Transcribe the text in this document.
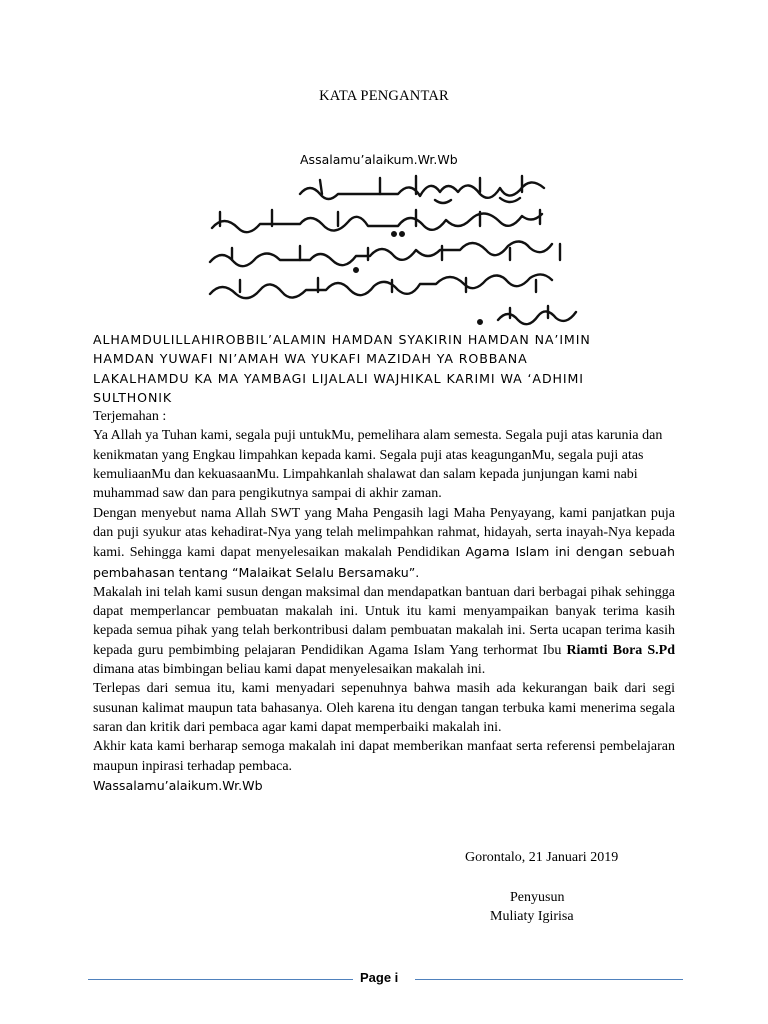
KATA PENGANTAR
Assalamu’alaikum.Wr.Wb

ALHAMDULILLAHIROBBIL’ALAMIN HAMDAN SYAKIRIN HAMDAN NA’IMIN

HAMDAN YUWAFI NI’AMAH WA YUKAFI MAZIDAH YA ROBBANA

LAKALHAMDU KA MA YAMBAGI LIJALALI WAJHIKAL KARIMI WA ‘ADHIMI

SULTHONIK

Terjemahan :

Ya Allah ya Tuhan kami, segala puji untukMu, pemelihara alam semesta. Segala puji atas karunia dan kenikmatan yang Engkau limpahkan kepada kami. Segala puji atas keagunganMu, segala puji atas kemuliaanMu dan kekuasaanMu. Limpahkanlah shalawat dan salam kepada junjungan kami nabi muhammad saw dan para pengikutnya sampai di akhir zaman.

Dengan menyebut nama Allah SWT yang Maha Pengasih lagi Maha Penyayang, kami panjatkan puja dan puji syukur atas kehadirat-Nya yang telah melimpahkan rahmat, hidayah, serta inayah-Nya kepada kami. Sehingga kami dapat menyelesaikan makalah Pendidikan Agama Islam ini dengan sebuah pembahasan tentang “Malaikat Selalu Bersamaku”.

Makalah ini telah kami susun dengan maksimal dan mendapatkan bantuan dari berbagai pihak sehingga dapat memperlancar pembuatan makalah ini. Untuk itu kami menyampaikan banyak terima kasih kepada semua pihak yang telah berkontribusi dalam pembuatan makalah ini. Serta ucapan terima kasih kepada guru pembimbing pelajaran Pendidikan Agama Islam Yang terhormat Ibu Riamti Bora S.Pd dimana atas bimbingan beliau kami dapat menyelesaikan makalah ini.

Terlepas dari semua itu, kami menyadari sepenuhnya bahwa masih ada kekurangan baik dari segi susunan kalimat maupun tata bahasanya. Oleh karena itu dengan tangan terbuka kami menerima segala saran dan kritik dari pembaca agar kami dapat memperbaiki makalah ini.

Akhir kata kami berharap semoga makalah ini dapat memberikan manfaat serta referensi pembelajaran maupun inpirasi terhadap pembaca.

Wassalamu’alaikum.Wr.Wb

Gorontalo, 21 Januari 2019
Penyusun
Muliaty Igirisa
Page i
